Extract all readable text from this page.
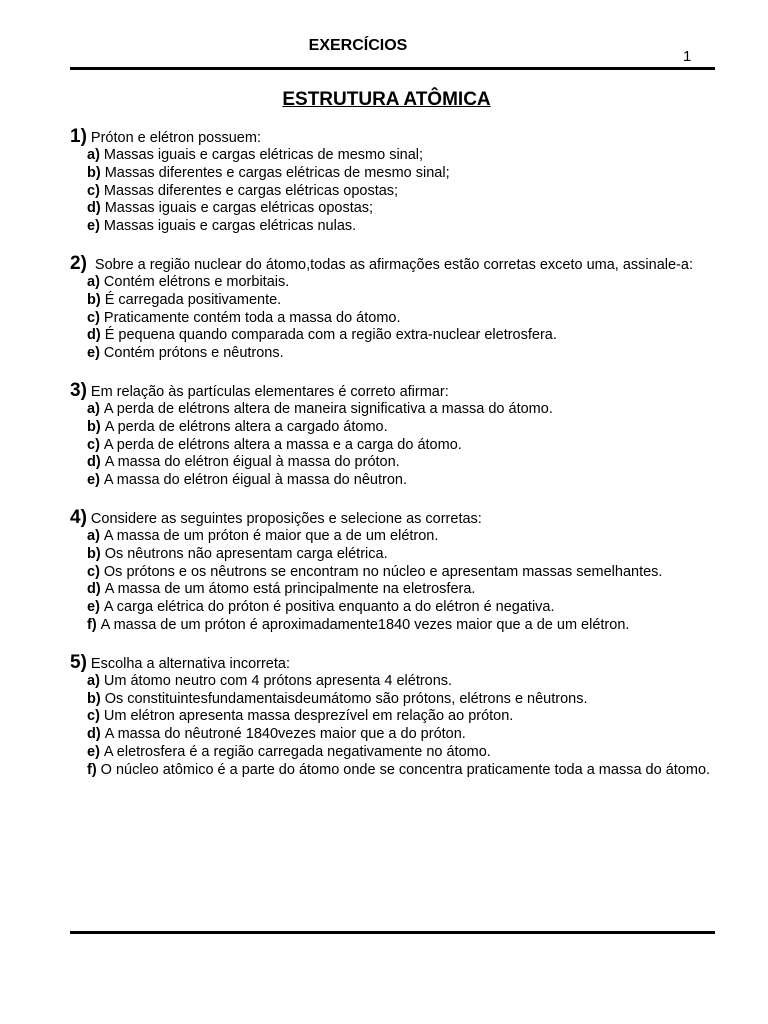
EXERCÍCIOS
1
ESTRUTURA ATÔMICA
1) Próton e elétron possuem:
a) Massas iguais e cargas elétricas de mesmo sinal;
b) Massas diferentes e cargas elétricas de mesmo sinal;
c) Massas diferentes e cargas elétricas opostas;
d) Massas iguais e cargas elétricas opostas;
e) Massas iguais e cargas elétricas nulas.
2) Sobre a região nuclear do átomo,todas as afirmações estão corretas exceto uma, assinale-a:
a) Contém elétrons e morbitais.
b) É carregada positivamente.
c) Praticamente contém toda a massa do átomo.
d) É pequena quando comparada com a região extra-nuclear eletrosfera.
e) Contém prótons e nêutrons.
3) Em relação às partículas elementares é correto afirmar:
a) A perda de elétrons altera de maneira significativa a massa do átomo.
b) A perda de elétrons altera a cargado átomo.
c) A perda de elétrons altera a massa e a carga do átomo.
d) A massa do elétron éigual à massa do próton.
e) A massa do elétron éigual à massa do nêutron.
4) Considere as seguintes proposições e selecione as corretas:
a) A massa de um próton é maior que a de um elétron.
b) Os nêutrons não apresentam carga elétrica.
c) Os prótons e os nêutrons se encontram no núcleo e apresentam massas semelhantes.
d) A massa de um átomo está principalmente na eletrosfera.
e) A carga elétrica do próton é positiva enquanto a do elétron é negativa.
f) A massa de um próton é aproximadamente1840 vezes maior que a de um elétron.
5) Escolha a alternativa incorreta:
a) Um átomo neutro com 4 prótons apresenta 4 elétrons.
b) Os constituintesfundamentaisdeumátomo são prótons, elétrons e nêutrons.
c) Um elétron apresenta massa desprezível em relação ao próton.
d) A massa do nêutroné 1840vezes maior que a do próton.
e) A eletrosfera é a região carregada negativamente no átomo.
f) O núcleo atômico é a parte do átomo onde se concentra praticamente toda a massa do átomo.
